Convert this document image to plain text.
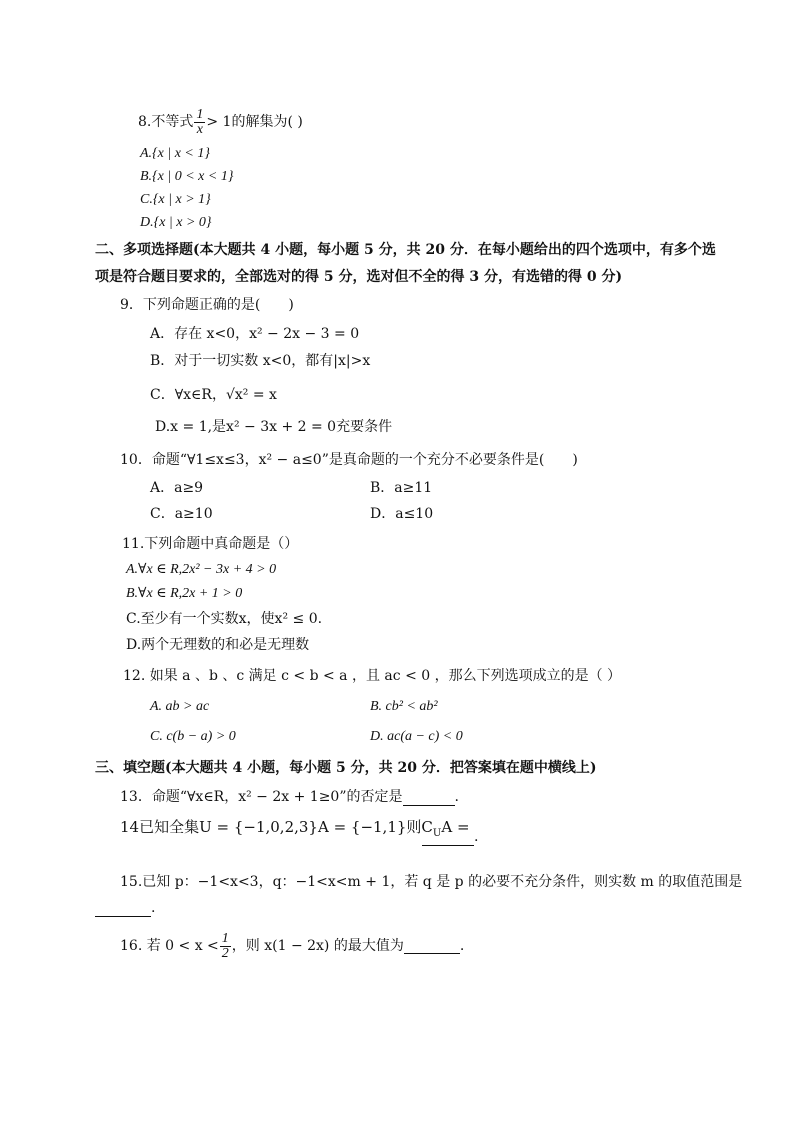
8.不等式 $\frac{1}{x} > 1$的解集为( )
A.{x | x < 1}
B.{x | 0 < x < 1}
C.{x | x > 1}
D.{x | x > 0}
二、多项选择题(本大题共 4 小题，每小题 5 分，共 20 分．在每小题给出的四个选项中，有多个选
项是符合题目要求的，全部选对的得 5 分，选对但不全的得 3 分，有选错的得 0 分)
9．下列命题正确的是(　　)
A．存在 x<0，x² − 2x − 3 = 0
B．对于一切实数 x<0，都有|x|>x
C．∀x∈R，√x² = x
D.x = 1,是x² − 3x + 2 = 0充要条件
10．命题“∀1≤x≤3，x² − a≤0”是真命题的一个充分不必要条件是(　　)
A．a≥9	B．a≥11
C．a≥10	D．a≤10
11.下列命题中真命题是（）
A.∀x ∈ R,2x² − 3x + 4 > 0
B.∀x ∈ R,2x + 1 > 0
C.至少有一个实数x，使x² ≤ 0.
D.两个无理数的和必是无理数
12. 如果 a 、b 、c 满足 c < b < a ，且 ac < 0 ，那么下列选项成立的是（ ）
A. ab > ac	B. cb² < ab²
C. c(b − a) > 0	D. ac(a − c) < 0
三、填空题(本大题共 4 小题，每小题 5 分，共 20 分．把答案填在题中横线上)
13．命题“∀x∈R，x² − 2x + 1≥0”的否定是	.
14已知全集U = {−1,0,2,3}A = {−1,1}则$C_UA$ =
.
15.已知 p：−1<x<3，q：−1<x<m + 1，若 q 是 p 的必要不充分条件，则实数 m 的取值范围是
.
16. 若 $0 < x < \frac{1}{2}$ ，则 x(1 − 2x) 的最大值为	.
